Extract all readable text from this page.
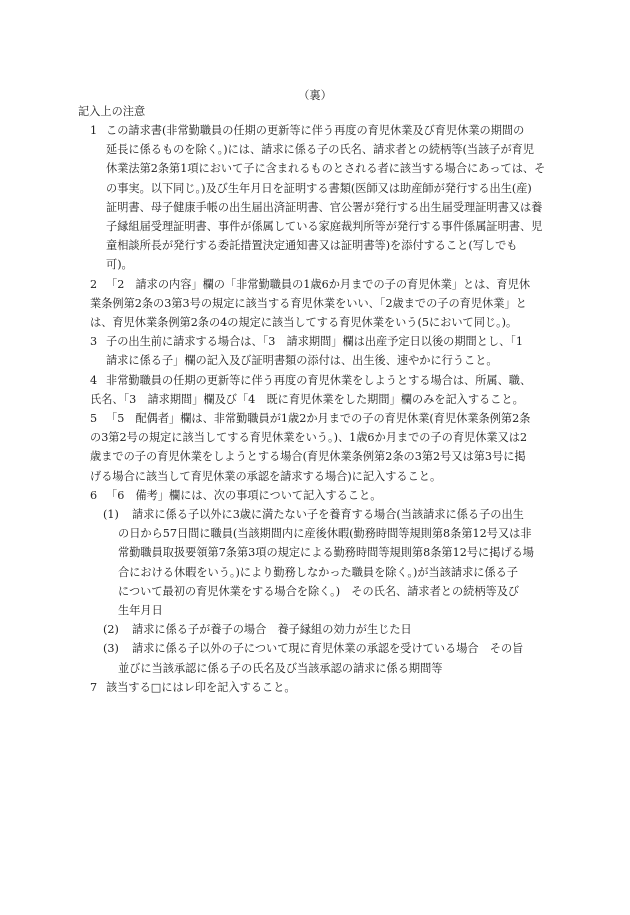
（裏）
記入上の注意
1 この請求書(非常勤職員の任期の更新等に伴う再度の育児休業及び育児休業の期間の
延長に係るものを除く。)には、請求に係る子の氏名、請求者との続柄等(当該子が育児
休業法第2条第1項において子に含まれるものとされる者に該当する場合にあっては、そ
の事実。以下同じ。)及び生年月日を証明する書類(医師又は助産師が発行する出生(産)
証明書、母子健康手帳の出生届出済証明書、官公署が発行する出生届受理証明書又は養
子縁組届受理証明書、事件が係属している家庭裁判所等が発行する事件係属証明書、児
童相談所長が発行する委託措置決定通知書又は証明書等)を添付すること(写しでも
可)。
2 「2　請求の内容」欄の「非常勤職員の1歳6か月までの子の育児休業」とは、育児休
業条例第2条の3第3号の規定に該当する育児休業をいい、「2歳までの子の育児休業」と
は、育児休業条例第2条の4の規定に該当してする育児休業をいう(5において同じ。)。
3 子の出生前に請求する場合は、「3　請求期間」欄は出産予定日以後の期間とし、「1
請求に係る子」欄の記入及び証明書類の添付は、出生後、速やかに行うこと。
4 非常勤職員の任期の更新等に伴う再度の育児休業をしようとする場合は、所属、職、
氏名、「3　請求期間」欄及び「4　既に育児休業をした期間」欄のみを記入すること。
5 「5　配偶者」欄は、非常勤職員が1歳2か月までの子の育児休業(育児休業条例第2条
の3第2号の規定に該当してする育児休業をいう。)、1歳6か月までの子の育児休業又は2
歳までの子の育児休業をしようとする場合(育児休業条例第2条の3第2号又は第3号に掲
げる場合に該当して育児休業の承認を請求する場合)に記入すること。
6 「6　備考」欄には、次の事項について記入すること。
(1) 請求に係る子以外に3歳に満たない子を養育する場合(当該請求に係る子の出生
の日から57日間に職員(当該期間内に産後休暇(勤務時間等規則第8条第12号又は非
常勤職員取扱要領第7条第3項の規定による勤務時間等規則第8条第12号に掲げる場
合における休暇をいう。)により勤務しなかった職員を除く。)が当該請求に係る子
について最初の育児休業をする場合を除く。)　その氏名、請求者との続柄等及び
生年月日
(2) 請求に係る子が養子の場合　養子縁組の効力が生じた日
(3) 請求に係る子以外の子について現に育児休業の承認を受けている場合　その旨
並びに当該承認に係る子の氏名及び当該承認の請求に係る期間等
7 該当する□にはレ印を記入すること。
